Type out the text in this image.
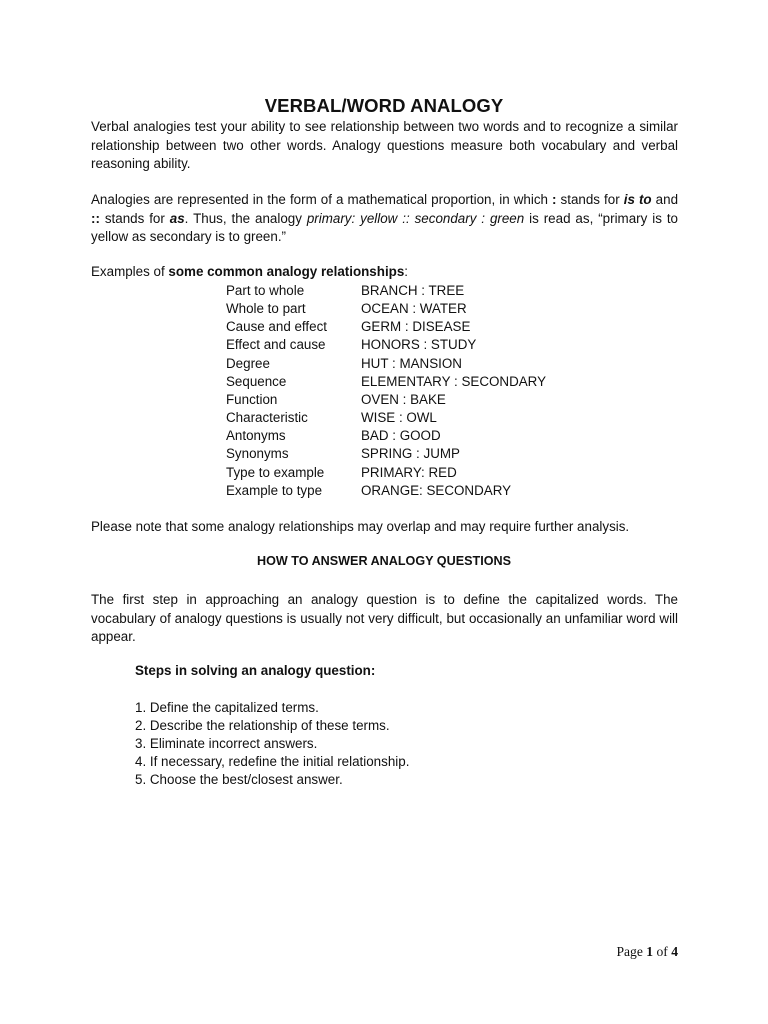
VERBAL/WORD ANALOGY
Verbal analogies test your ability to see relationship between two words and to recognize a similar relationship between two other words. Analogy questions measure both vocabulary and verbal reasoning ability.
Analogies are represented in the form of a mathematical proportion, in which : stands for is to and :: stands for as. Thus, the analogy primary: yellow :: secondary : green is read as, “primary is to yellow as secondary is to green.”
Examples of some common analogy relationships:
Part to whole	BRANCH : TREE
Whole to part	OCEAN : WATER
Cause and effect	GERM : DISEASE
Effect and cause	HONORS : STUDY
Degree	HUT : MANSION
Sequence	ELEMENTARY : SECONDARY
Function	OVEN : BAKE
Characteristic	WISE : OWL
Antonyms	BAD : GOOD
Synonyms	SPRING : JUMP
Type to example	PRIMARY: RED
Example to type	ORANGE: SECONDARY
Please note that some analogy relationships may overlap and may require further analysis.
HOW TO ANSWER ANALOGY QUESTIONS
The first step in approaching an analogy question is to define the capitalized words. The vocabulary of analogy questions is usually not very difficult, but occasionally an unfamiliar word will appear.
Steps in solving an analogy question:
1. Define the capitalized terms.
2. Describe the relationship of these terms.
3. Eliminate incorrect answers.
4. If necessary, redefine the initial relationship.
5. Choose the best/closest answer.
Page 1 of 4
